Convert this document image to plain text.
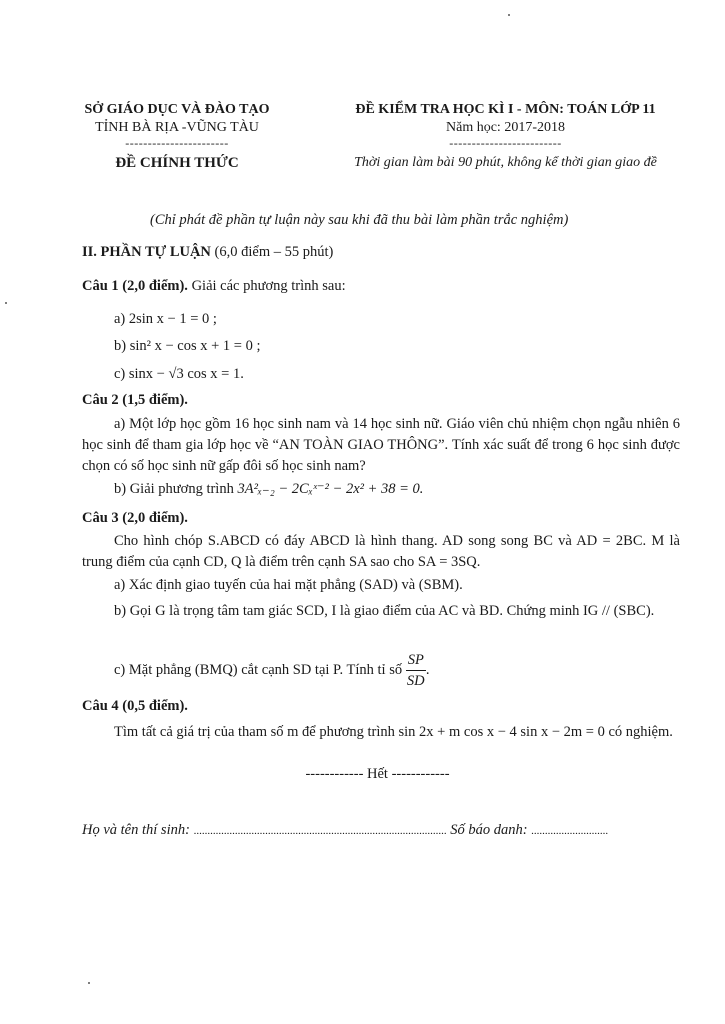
SỞ GIÁO DỤC VÀ ĐÀO TẠO
TỈNH BÀ RỊA -VŨNG TÀU
-----------------------
ĐỀ CHÍNH THỨC
ĐỀ KIỂM TRA HỌC KÌ I - MÔN: TOÁN LỚP 11
Năm học: 2017-2018
-------------------------
Thời gian làm bài 90 phút, không kể thời gian giao đề
(Chỉ phát đề phần tự luận này sau khi đã thu bài làm phần trắc nghiệm)
II. PHẦN TỰ LUẬN (6,0 điểm – 55 phút)
Câu 1 (2,0 điểm). Giải các phương trình sau:
a) 2sin x − 1 = 0 ;
b) sin² x − cos x + 1 = 0 ;
c) sinx − √3 cos x = 1.
Câu 2 (1,5 điểm).
a) Một lớp học gồm 16 học sinh nam và 14 học sinh nữ. Giáo viên chủ nhiệm chọn ngẫu nhiên 6 học sinh để tham gia lớp học về “AN TOÀN GIAO THÔNG”. Tính xác suất để trong 6 học sinh được chọn có số học sinh nữ gấp đôi số học sinh nam?
b) Giải phương trình 3A²ₓ₋₂ − 2Cₓˣ⁻² − 2x² + 38 = 0.
Câu 3 (2,0 điểm).
Cho hình chóp S.ABCD có đáy ABCD là hình thang. AD song song BC và AD = 2BC. M là trung điểm của cạnh CD, Q là điểm trên cạnh SA sao cho SA = 3SQ.
a) Xác định giao tuyến của hai mặt phẳng (SAD) và (SBM).
b) Gọi G là trọng tâm tam giác SCD, I là giao điểm của AC và BD. Chứng minh IG // (SBC).
c) Mặt phẳng (BMQ) cắt cạnh SD tại P. Tính tỉ số $\frac{SP}{SD}$ .
Câu 4 (0,5 điểm).
Tìm tất cả giá trị của tham số m để phương trình sin 2x + m cos x − 4 sin x − 2m = 0 có nghiệm.
------------ Hết ------------
Họ và tên thí sinh: ............................................................................................ Số báo danh: ............................
